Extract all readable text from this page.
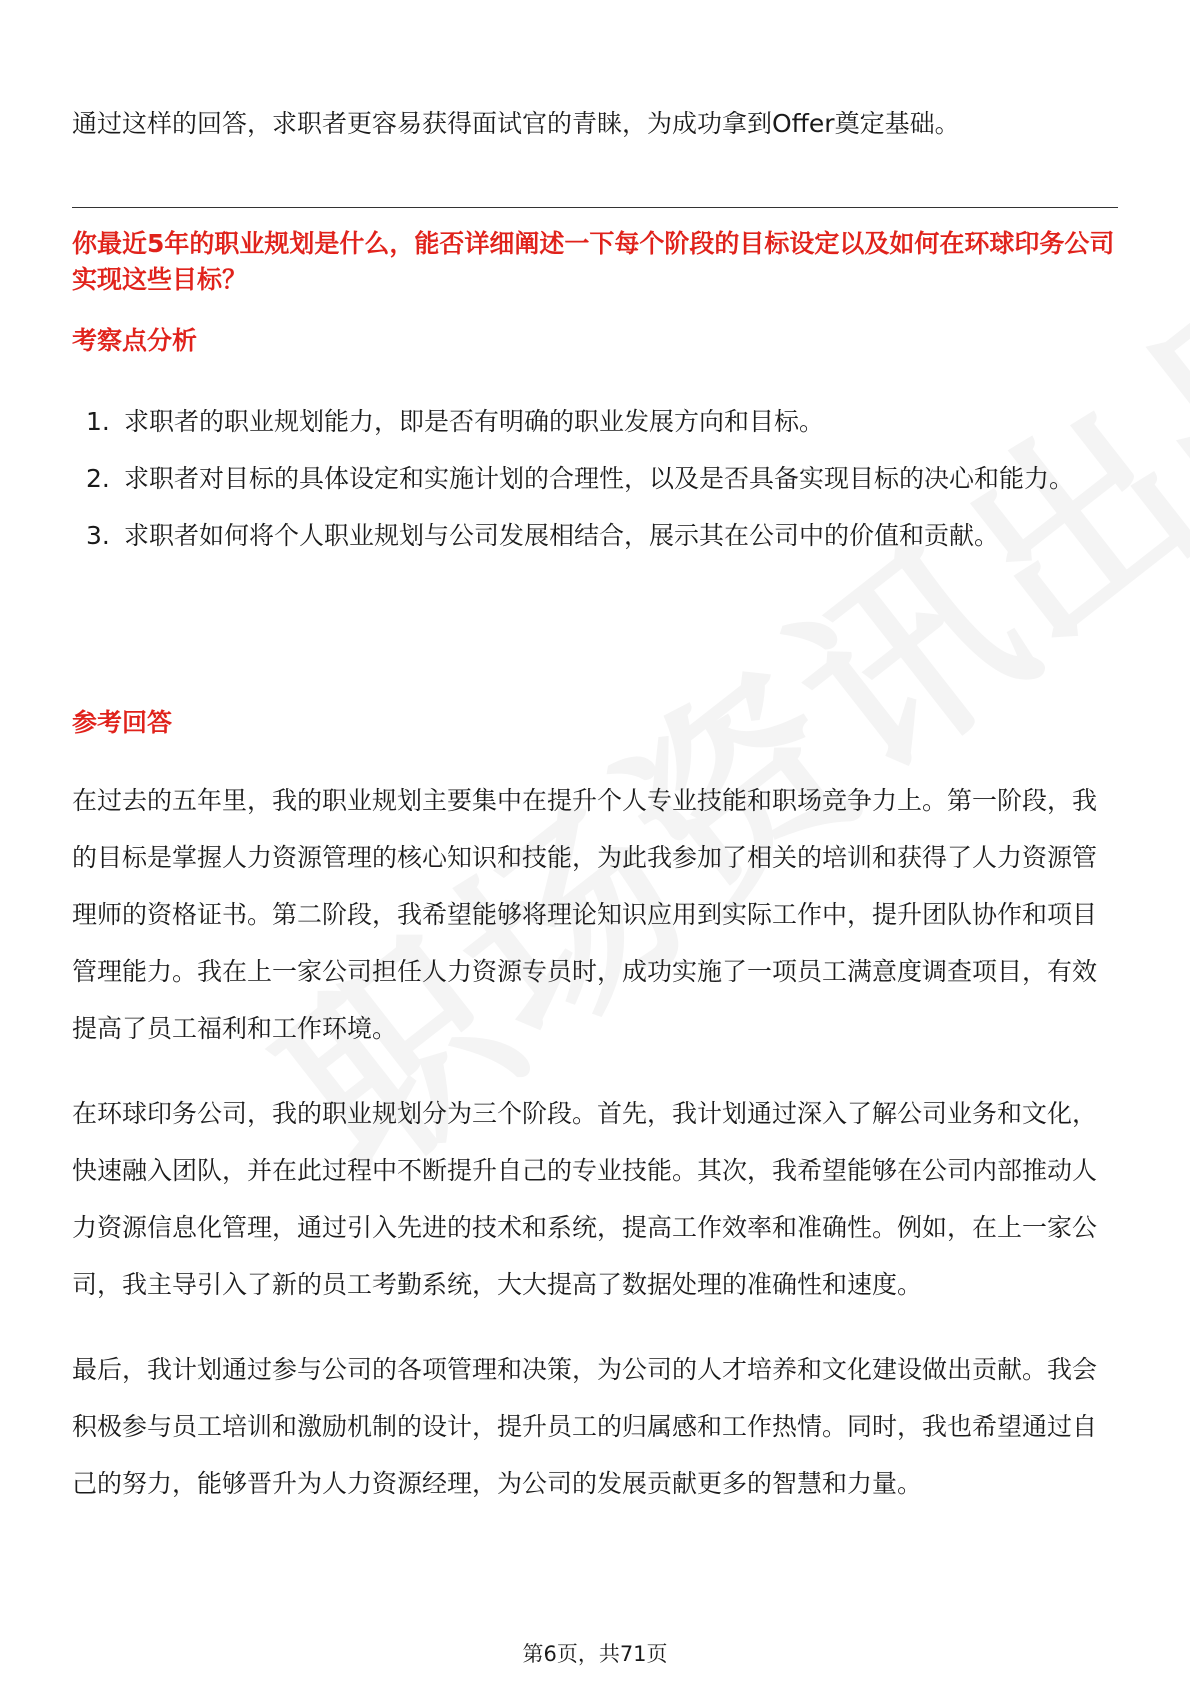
通过这样的回答，求职者更容易获得面试官的青睐，为成功拿到Offer奠定基础。

你最近5年的职业规划是什么，能否详细阐述一下每个阶段的目标设定以及如何在环球印务公司实现这些目标？
考察点分析
1. 求职者的职业规划能力，即是否有明确的职业发展方向和目标。
2. 求职者对目标的具体设定和实施计划的合理性，以及是否具备实现目标的决心和能力。
3. 求职者如何将个人职业规划与公司发展相结合，展示其在公司中的价值和贡献。
参考回答

在过去的五年里，我的职业规划主要集中在提升个人专业技能和职场竞争力上。第一阶段，我的目标是掌握人力资源管理的核心知识和技能，为此我参加了相关的培训和获得了人力资源管理师的资格证书。第二阶段，我希望能够将理论知识应用到实际工作中，提升团队协作和项目管理能力。我在上一家公司担任人力资源专员时，成功实施了一项员工满意度调查项目，有效提高了员工福利和工作环境。

在环球印务公司，我的职业规划分为三个阶段。首先，我计划通过深入了解公司业务和文化，快速融入团队，并在此过程中不断提升自己的专业技能。其次，我希望能够在公司内部推动人力资源信息化管理，通过引入先进的技术和系统，提高工作效率和准确性。例如，在上一家公司，我主导引入了新的员工考勤系统，大大提高了数据处理的准确性和速度。

最后，我计划通过参与公司的各项管理和决策，为公司的人才培养和文化建设做出贡献。我会积极参与员工培训和激励机制的设计，提升员工的归属感和工作热情。同时，我也希望通过自己的努力，能够晋升为人力资源经理，为公司的发展贡献更多的智慧和力量。

第6页，共71页
